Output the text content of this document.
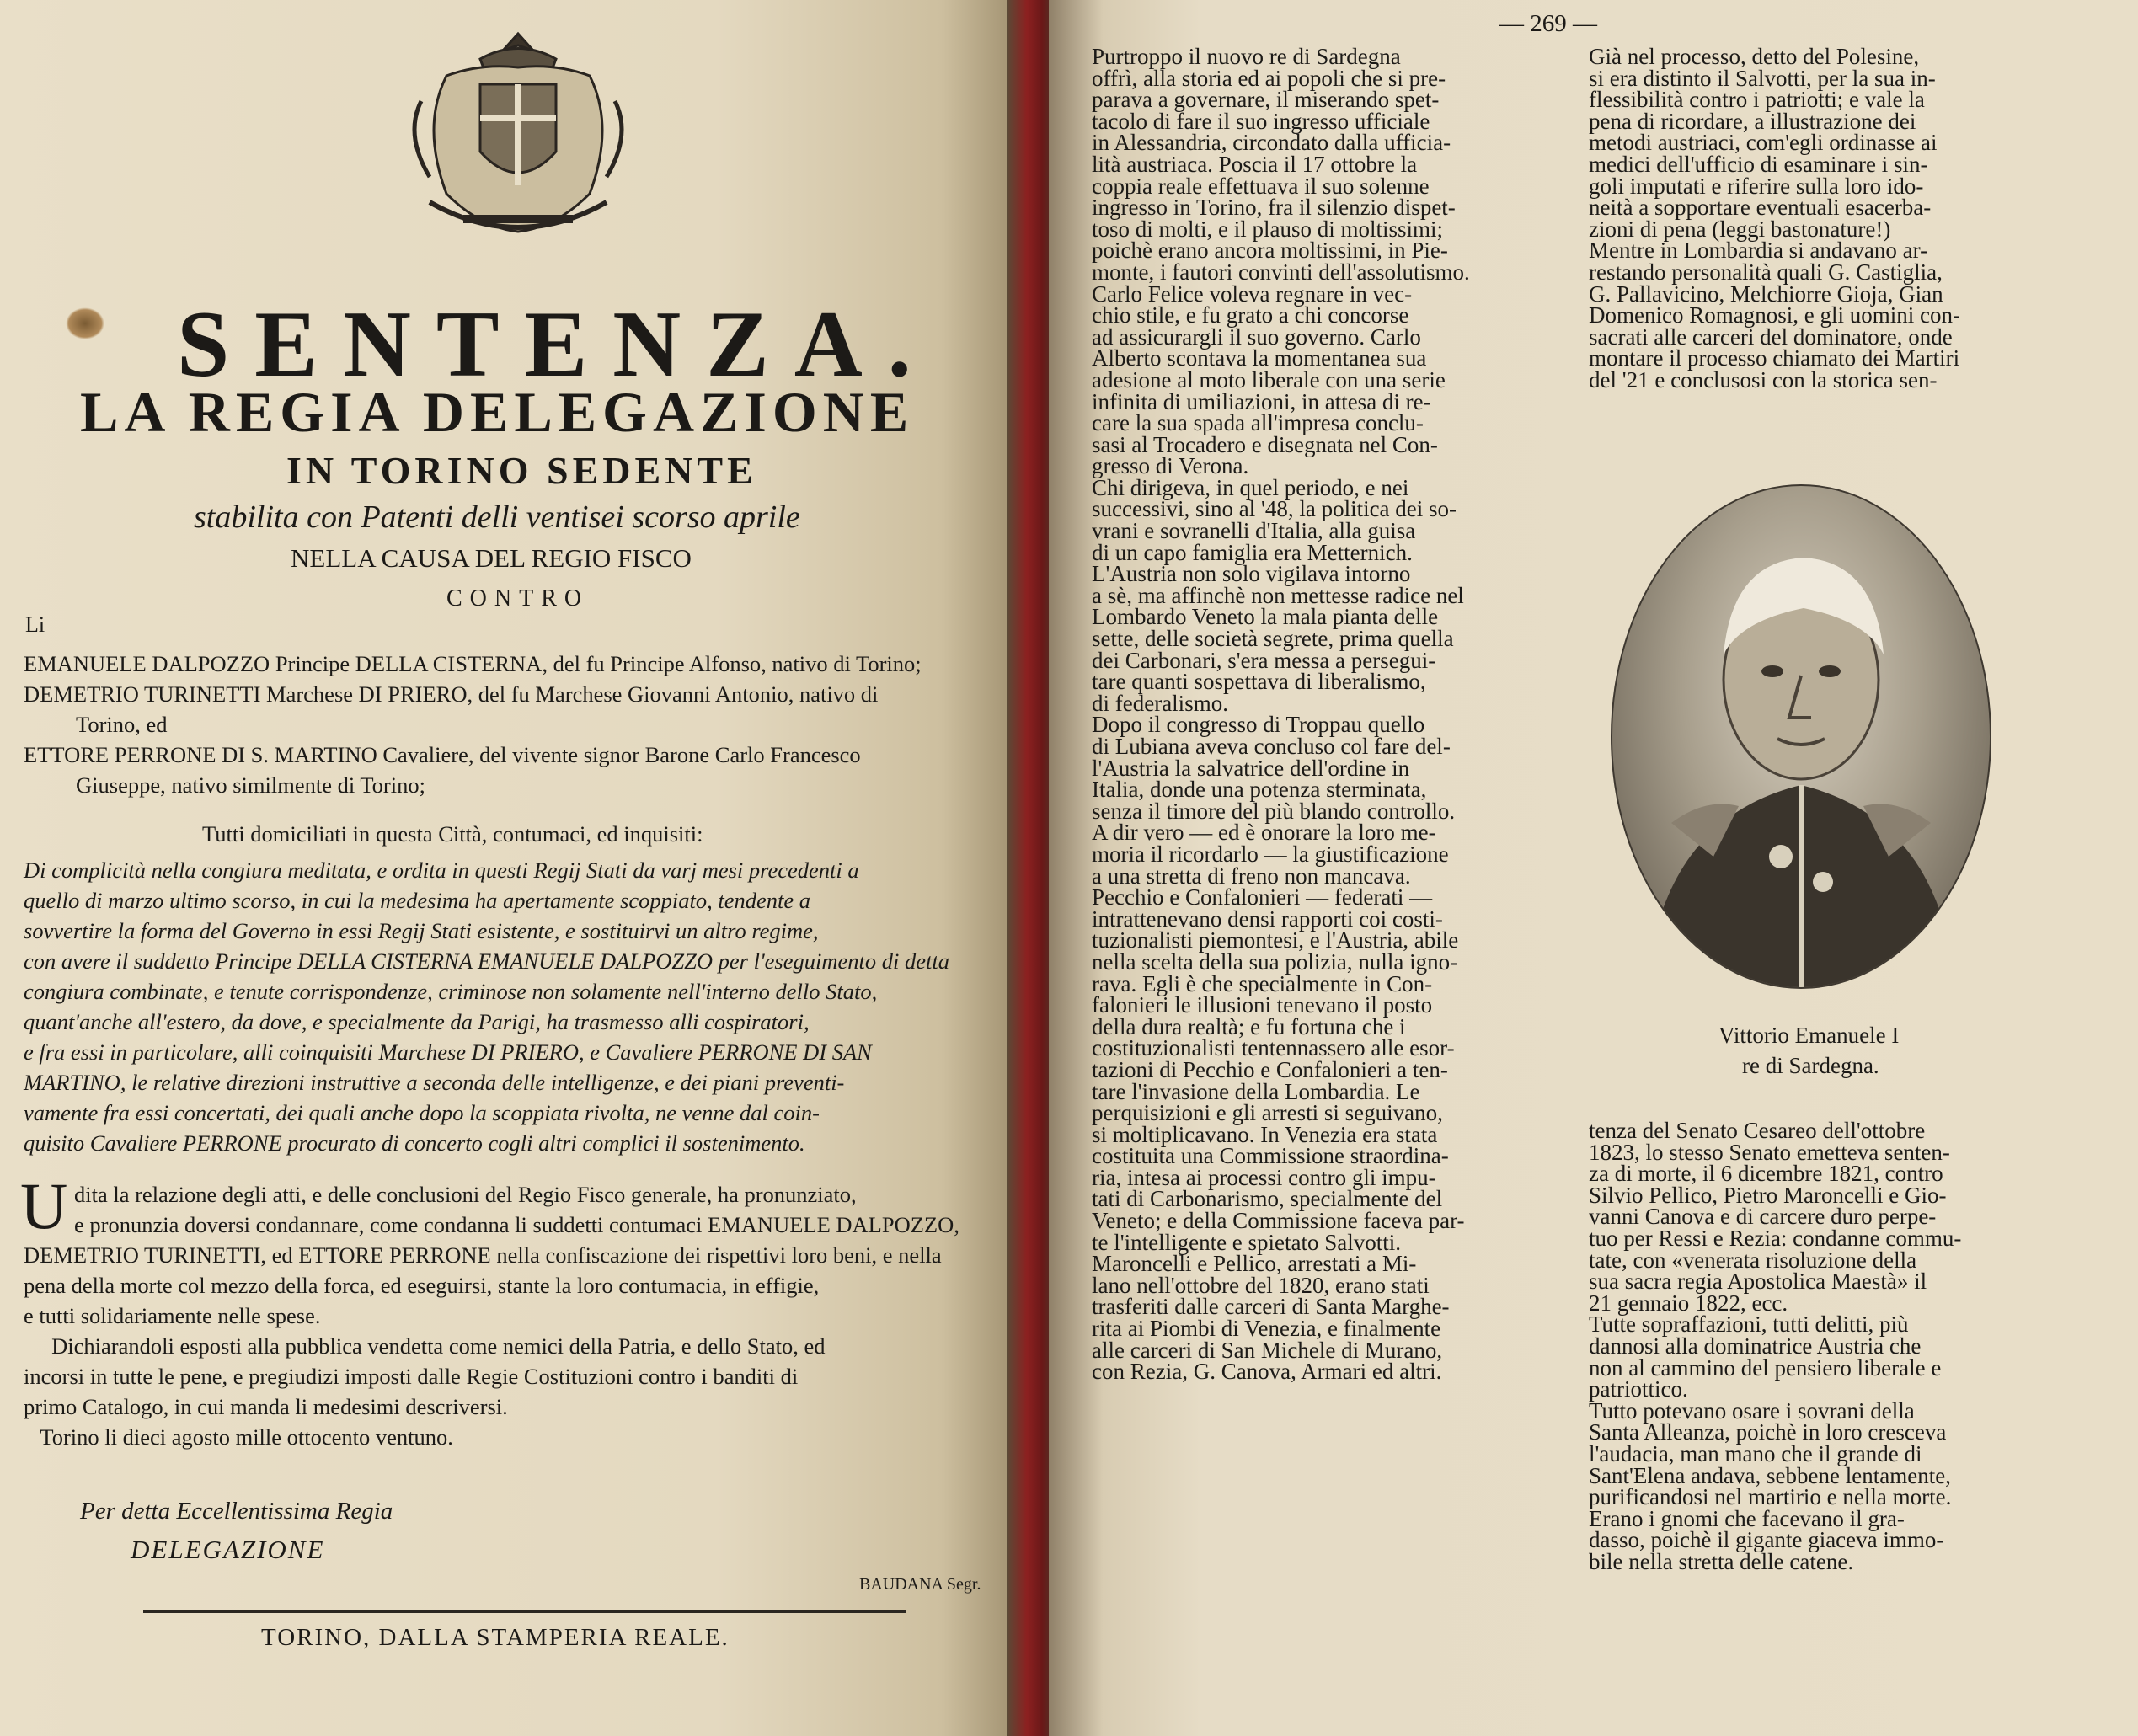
SENTENZA.
LA REGIA DELEGAZIONE
IN TORINO SEDENTE
stabilita con Patenti delli ventisei scorso aprile
NELLA CAUSA DEL REGIO FISCO
CONTRO
Li
EMANUELE DALPOZZO Principe DELLA CISTERNA, del fu Principe Alfonso, nativo di Torino;
DEMETRIO TURINETTI Marchese DI PRIERO, del fu Marchese Giovanni Antonio, nativo di
Torino, ed
ETTORE PERRONE DI S. MARTINO Cavaliere, del vivente signor Barone Carlo Francesco
Giuseppe, nativo similmente di Torino;
Tutti domiciliati in questa Città, contumaci, ed inquisiti:
Di complicità nella congiura meditata, e ordita in questi Regij Stati da varj mesi precedenti a
quello di marzo ultimo scorso, in cui la medesima ha apertamente scoppiato, tendente a
sovvertire la forma del Governo in essi Regij Stati esistente, e sostituirvi un altro regime,
con avere il suddetto Principe DELLA CISTERNA EMANUELE DALPOZZO per l'eseguimento di detta
congiura combinate, e tenute corrispondenze, criminose non solamente nell'interno dello Stato,
quant'anche all'estero, da dove, e specialmente da Parigi, ha trasmesso alli cospiratori,
e fra essi in particolare, alli coinquisiti Marchese DI PRIERO, e Cavaliere PERRONE DI SAN
MARTINO, le relative direzioni instruttive a seconda delle intelligenze, e dei piani preventi-
vamente fra essi concertati, dei quali anche dopo la scoppiata rivolta, ne venne dal coin-
quisito Cavaliere PERRONE procurato di concerto cogli altri complici il sostenimento.
U dita la relazione degli atti, e delle conclusioni del Regio Fisco generale, ha pronunziato,
e pronunzia doversi condannare, come condanna li suddetti contumaci EMANUELE DALPOZZO,
DEMETRIO TURINETTI, ed ETTORE PERRONE nella confiscazione dei rispettivi loro beni, e nella
pena della morte col mezzo della forca, ed eseguirsi, stante la loro contumacia, in effigie,
e tutti solidariamente nelle spese.
Dichiarandoli esposti alla pubblica vendetta come nemici della Patria, e dello Stato, ed
incorsi in tutte le pene, e pregiudizi imposti dalle Regie Costituzioni contro i banditi di
primo Catalogo, in cui manda li medesimi descriversi.
Torino li dieci agosto mille ottocento ventuno.
Per detta Eccellentissima Regia
DELEGAZIONE
BAUDANA Segr.
TORINO, DALLA STAMPERIA REALE.
— 269 —
Purtroppo il nuovo re di Sardegna
offrì, alla storia ed ai popoli che si pre-
parava a governare, il miserando spet-
tacolo di fare il suo ingresso ufficiale
in Alessandria, circondato dalla ufficia-
lità austriaca. Poscia il 17 ottobre la
coppia reale effettuava il suo solenne
ingresso in Torino, fra il silenzio dispet-
toso di molti, e il plauso di moltissimi;
poichè erano ancora moltissimi, in Pie-
monte, i fautori convinti dell'assolutismo.
Carlo Felice voleva regnare in vec-
chio stile, e fu grato a chi concorse
ad assicurargli il suo governo. Carlo
Alberto scontava la momentanea sua
adesione al moto liberale con una serie
infinita di umiliazioni, in attesa di re-
care la sua spada all'impresa conclu-
sasi al Trocadero e disegnata nel Con-
gresso di Verona.
Chi dirigeva, in quel periodo, e nei
successivi, sino al '48, la politica dei so-
vrani e sovranelli d'Italia, alla guisa
di un capo famiglia era Metternich.
L'Austria non solo vigilava intorno
a sè, ma affinchè non mettesse radice nel
Lombardo Veneto la mala pianta delle
sette, delle società segrete, prima quella
dei Carbonari, s'era messa a persegui-
tare quanti sospettava di liberalismo,
di federalismo.
Dopo il congresso di Troppau quello
di Lubiana aveva concluso col fare del-
l'Austria la salvatrice dell'ordine in
Italia, donde una potenza sterminata,
senza il timore del più blando controllo.
A dir vero — ed è onorare la loro me-
moria il ricordarlo — la giustificazione
a una stretta di freno non mancava.
Pecchio e Confalonieri — federati —
intrattenevano densi rapporti coi costi-
tuzionalisti piemontesi, e l'Austria, abile
nella scelta della sua polizia, nulla igno-
rava. Egli è che specialmente in Con-
falonieri le illusioni tenevano il posto
della dura realtà; e fu fortuna che i
costituzionalisti tentennassero alle esor-
tazioni di Pecchio e Confalonieri a ten-
tare l'invasione della Lombardia. Le
perquisizioni e gli arresti si seguivano,
si moltiplicavano. In Venezia era stata
costituita una Commissione straordina-
ria, intesa ai processi contro gli impu-
tati di Carbonarismo, specialmente del
Veneto; e della Commissione faceva par-
te l'intelligente e spietato Salvotti.
Maroncelli e Pellico, arrestati a Mi-
lano nell'ottobre del 1820, erano stati
trasferiti dalle carceri di Santa Marghe-
rita ai Piombi di Venezia, e finalmente
alle carceri di San Michele di Murano,
con Rezia, G. Canova, Armari ed altri.
Già nel processo, detto del Polesine,
si era distinto il Salvotti, per la sua in-
flessibilità contro i patriotti; e vale la
pena di ricordare, a illustrazione dei
metodi austriaci, com'egli ordinasse ai
medici dell'ufficio di esaminare i sin-
goli imputati e riferire sulla loro ido-
neità a sopportare eventuali esacerba-
zioni di pena (leggi bastonature!)
Mentre in Lombardia si andavano ar-
restando personalità quali G. Castiglia,
G. Pallavicino, Melchiorre Gioja, Gian
Domenico Romagnosi, e gli uomini con-
sacrati alle carceri del dominatore, onde
montare il processo chiamato dei Martiri
del '21 e conclusosi con la storica sen-
Vittorio Emanuele I
re di Sardegna.
tenza del Senato Cesareo dell'ottobre
1823, lo stesso Senato emetteva senten-
za di morte, il 6 dicembre 1821, contro
Silvio Pellico, Pietro Maroncelli e Gio-
vanni Canova e di carcere duro perpe-
tuo per Ressi e Rezia: condanne commu-
tate, con «venerata risoluzione della
sua sacra regia Apostolica Maestà» il
21 gennaio 1822, ecc.
Tutte sopraffazioni, tutti delitti, più
dannosi alla dominatrice Austria che
non al cammino del pensiero liberale e
patriottico.
Tutto potevano osare i sovrani della
Santa Alleanza, poichè in loro cresceva
l'audacia, man mano che il grande di
Sant'Elena andava, sebbene lentamente,
purificandosi nel martirio e nella morte.
Erano i gnomi che facevano il gra-
dasso, poichè il gigante giaceva immo-
bile nella stretta delle catene.
